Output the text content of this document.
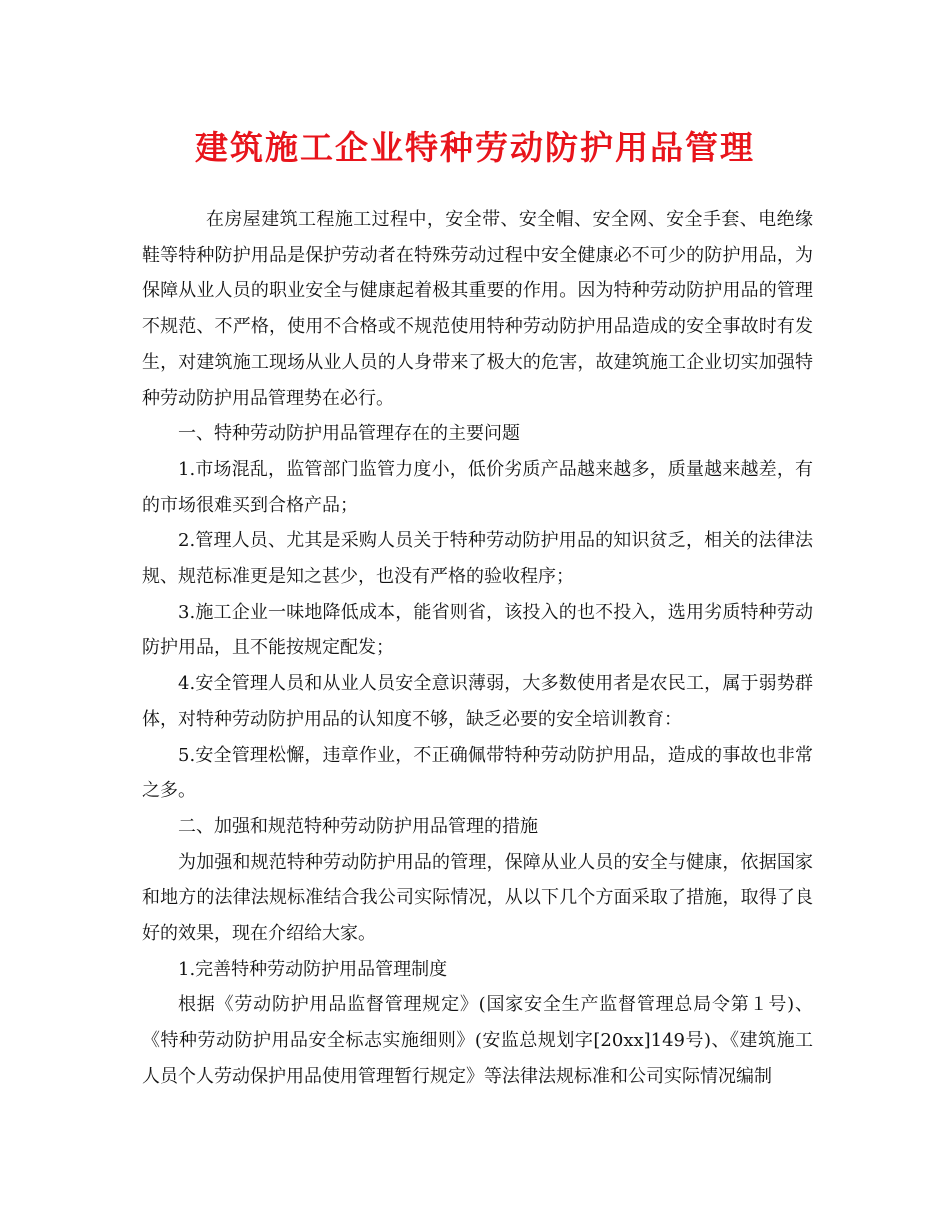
建筑施工企业特种劳动防护用品管理

在房屋建筑工程施工过程中，安全带、安全帽、安全网、安全手套、电绝缘鞋等特种防护用品是保护劳动者在特殊劳动过程中安全健康必不可少的防护用品，为保障从业人员的职业安全与健康起着极其重要的作用。因为特种劳动防护用品的管理不规范、不严格，使用不合格或不规范使用特种劳动防护用品造成的安全事故时有发生，对建筑施工现场从业人员的人身带来了极大的危害，故建筑施工企业切实加强特种劳动防护用品管理势在必行。

一、特种劳动防护用品管理存在的主要问题

1.市场混乱，监管部门监管力度小，低价劣质产品越来越多，质量越来越差，有的市场很难买到合格产品；

2.管理人员、尤其是采购人员关于特种劳动防护用品的知识贫乏，相关的法律法规、规范标准更是知之甚少，也没有严格的验收程序；

3.施工企业一味地降低成本，能省则省，该投入的也不投入，选用劣质特种劳动防护用品，且不能按规定配发；

4.安全管理人员和从业人员安全意识薄弱，大多数使用者是农民工，属于弱势群体，对特种劳动防护用品的认知度不够，缺乏必要的安全培训教育：

5.安全管理松懈，违章作业，不正确佩带特种劳动防护用品，造成的事故也非常之多。

二、加强和规范特种劳动防护用品管理的措施

为加强和规范特种劳动防护用品的管理，保障从业人员的安全与健康，依据国家和地方的法律法规标准结合我公司实际情况，从以下几个方面采取了措施，取得了良好的效果，现在介绍给大家。

1.完善特种劳动防护用品管理制度

根据《劳动防护用品监督管理规定》(国家安全生产监督管理总局令第１号)、《特种劳动防护用品安全标志实施细则》(安监总规划字[20xx]149号)、《建筑施工人员个人劳动保护用品使用管理暂行规定》等法律法规标准和公司实际情况编制
